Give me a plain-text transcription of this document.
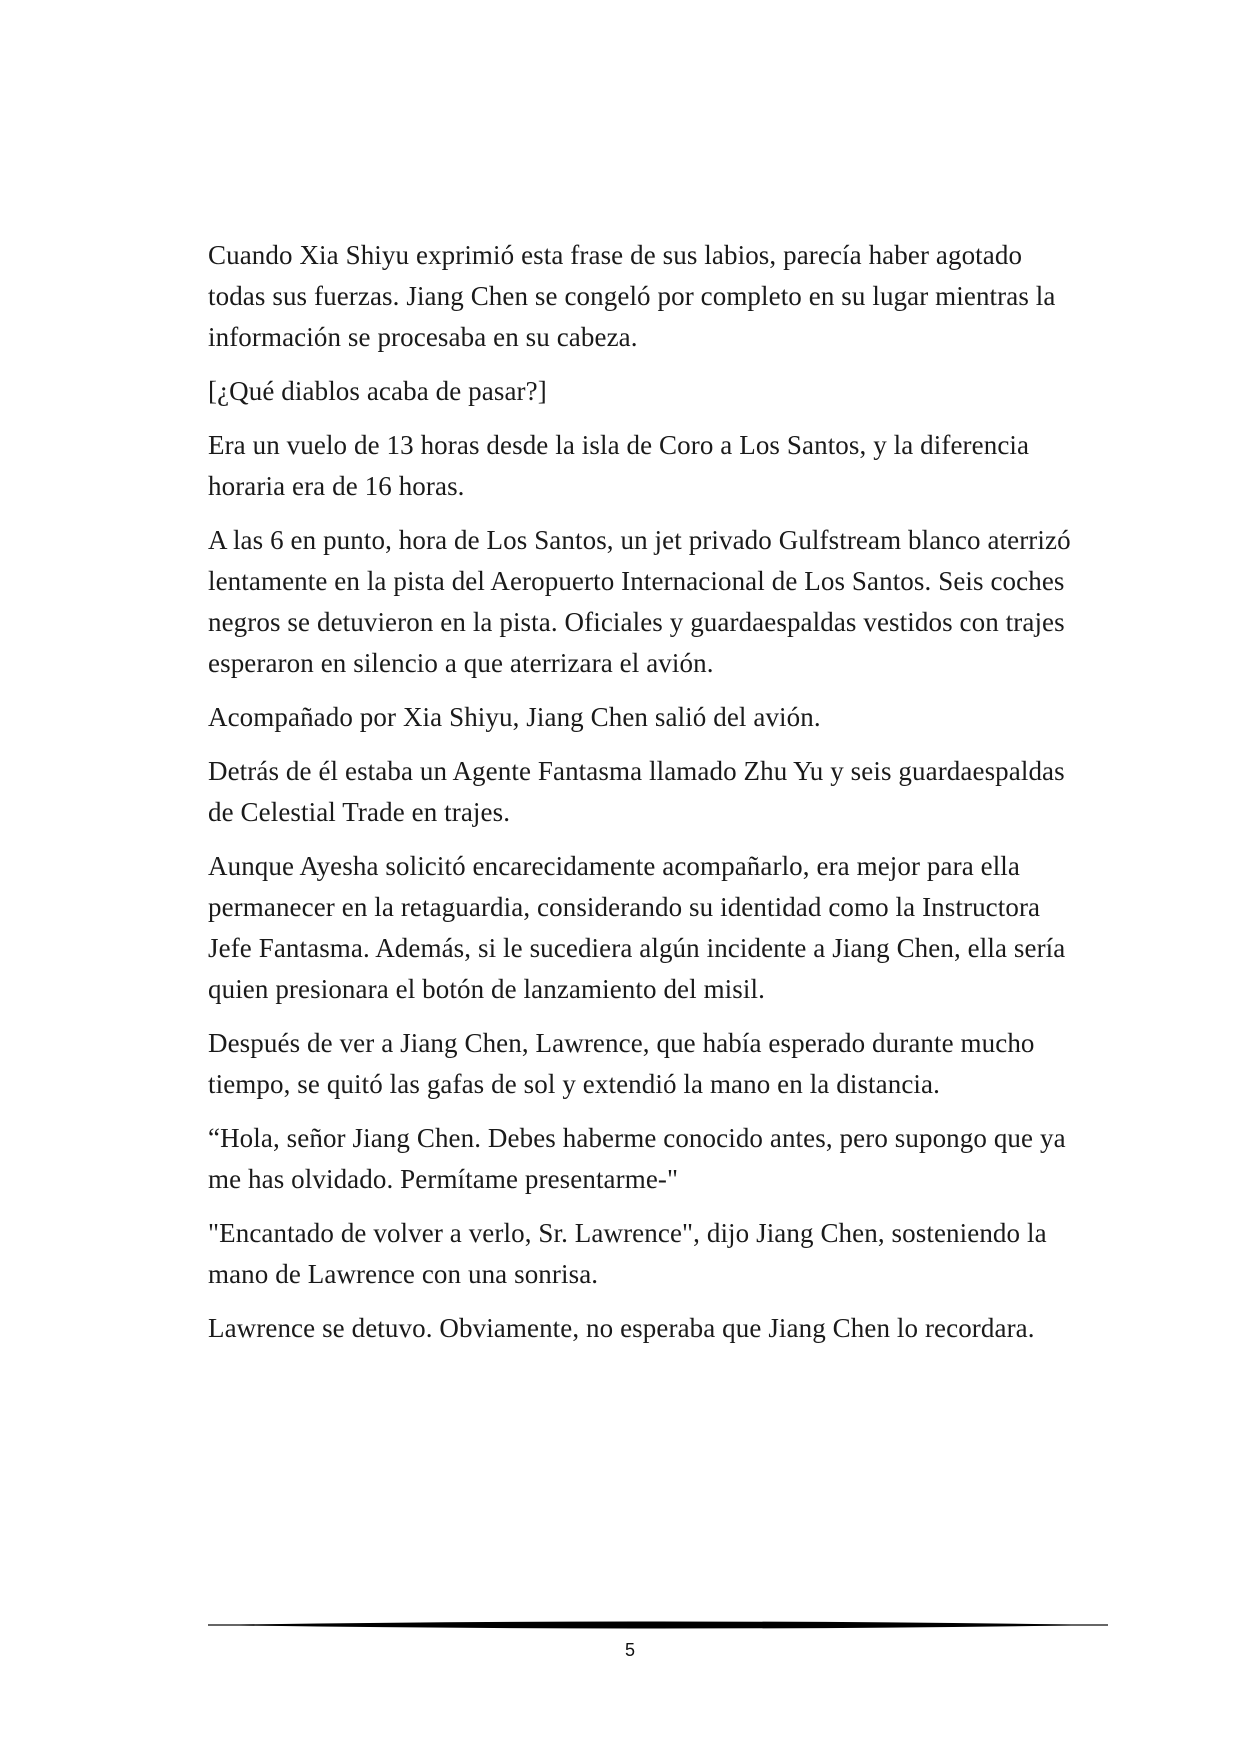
Cuando Xia Shiyu exprimió esta frase de sus labios, parecía haber agotado todas sus fuerzas. Jiang Chen se congeló por completo en su lugar mientras la información se procesaba en su cabeza.

[¿Qué diablos acaba de pasar?]

Era un vuelo de 13 horas desde la isla de Coro a Los Santos, y la diferencia horaria era de 16 horas.

A las 6 en punto, hora de Los Santos, un jet privado Gulfstream blanco aterrizó lentamente en la pista del Aeropuerto Internacional de Los Santos. Seis coches negros se detuvieron en la pista. Oficiales y guardaespaldas vestidos con trajes esperaron en silencio a que aterrizara el avión.

Acompañado por Xia Shiyu, Jiang Chen salió del avión.

Detrás de él estaba un Agente Fantasma llamado Zhu Yu y seis guardaespaldas de Celestial Trade en trajes.

Aunque Ayesha solicitó encarecidamente acompañarlo, era mejor para ella permanecer en la retaguardia, considerando su identidad como la Instructora Jefe Fantasma. Además, si le sucediera algún incidente a Jiang Chen, ella sería quien presionara el botón de lanzamiento del misil.

Después de ver a Jiang Chen, Lawrence, que había esperado durante mucho tiempo, se quitó las gafas de sol y extendió la mano en la distancia.

“Hola, señor Jiang Chen. Debes haberme conocido antes, pero supongo que ya me has olvidado. Permítame presentarme-"

"Encantado de volver a verlo, Sr. Lawrence", dijo Jiang Chen, sosteniendo la mano de Lawrence con una sonrisa.

Lawrence se detuvo. Obviamente, no esperaba que Jiang Chen lo recordara.

5
